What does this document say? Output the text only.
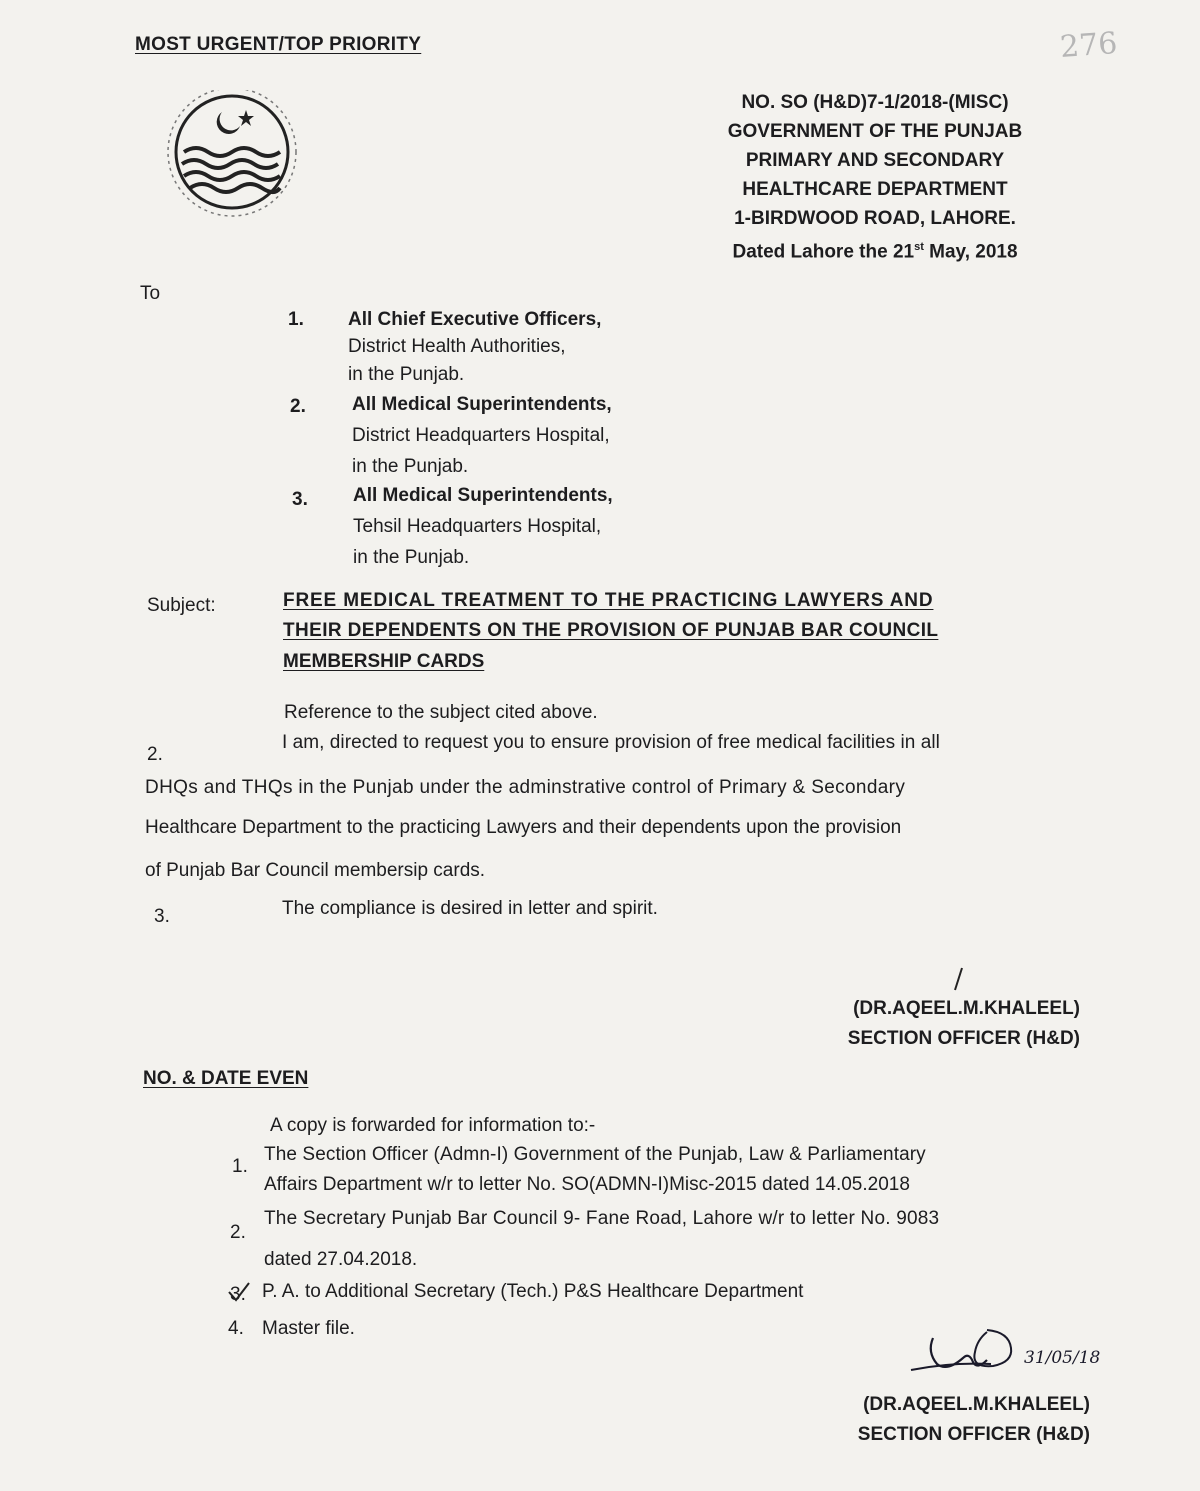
MOST URGENT/TOP PRIORITY	276
NO. SO (H&D)7-1/2018-(MISC)
GOVERNMENT OF THE PUNJAB
PRIMARY AND SECONDARY
HEALTHCARE DEPARTMENT
1-BIRDWOOD ROAD, LAHORE.
Dated Lahore the 21st May, 2018
To
1. All Chief Executive Officers,
District Health Authorities,
in the Punjab.
2. All Medical Superintendents,
District Headquarters Hospital,
in the Punjab.
3. All Medical Superintendents,
Tehsil Headquarters Hospital,
in the Punjab.
Subject:	FREE MEDICAL TREATMENT TO THE PRACTICING LAWYERS AND
THEIR DEPENDENTS ON THE PROVISION OF PUNJAB BAR COUNCIL
MEMBERSHIP CARDS
Reference to the subject cited above.
2.
I am, directed to request you to ensure provision of free medical facilities in all
DHQs and THQs in the Punjab under the adminstrative control of Primary & Secondary
Healthcare Department to the practicing Lawyers and their dependents upon the provision
of Punjab Bar Council membersip cards.
3.	The compliance is desired in letter and spirit.
(DR.AQEEL.M.KHALEEL)
SECTION OFFICER (H&D)
NO. & DATE EVEN
A copy is forwarded for information to:-
1.
The Section Officer (Admn-I) Government of the Punjab, Law & Parliamentary
Affairs Department w/r to letter No. SO(ADMN-I)Misc-2015 dated 14.05.2018
2.
The Secretary Punjab Bar Council 9- Fane Road, Lahore w/r to letter No. 9083
dated 27.04.2018.
3. P. A. to Additional Secretary (Tech.) P&S Healthcare Department
4. Master file.
31/05/18
(DR.AQEEL.M.KHALEEL)
SECTION OFFICER (H&D)
